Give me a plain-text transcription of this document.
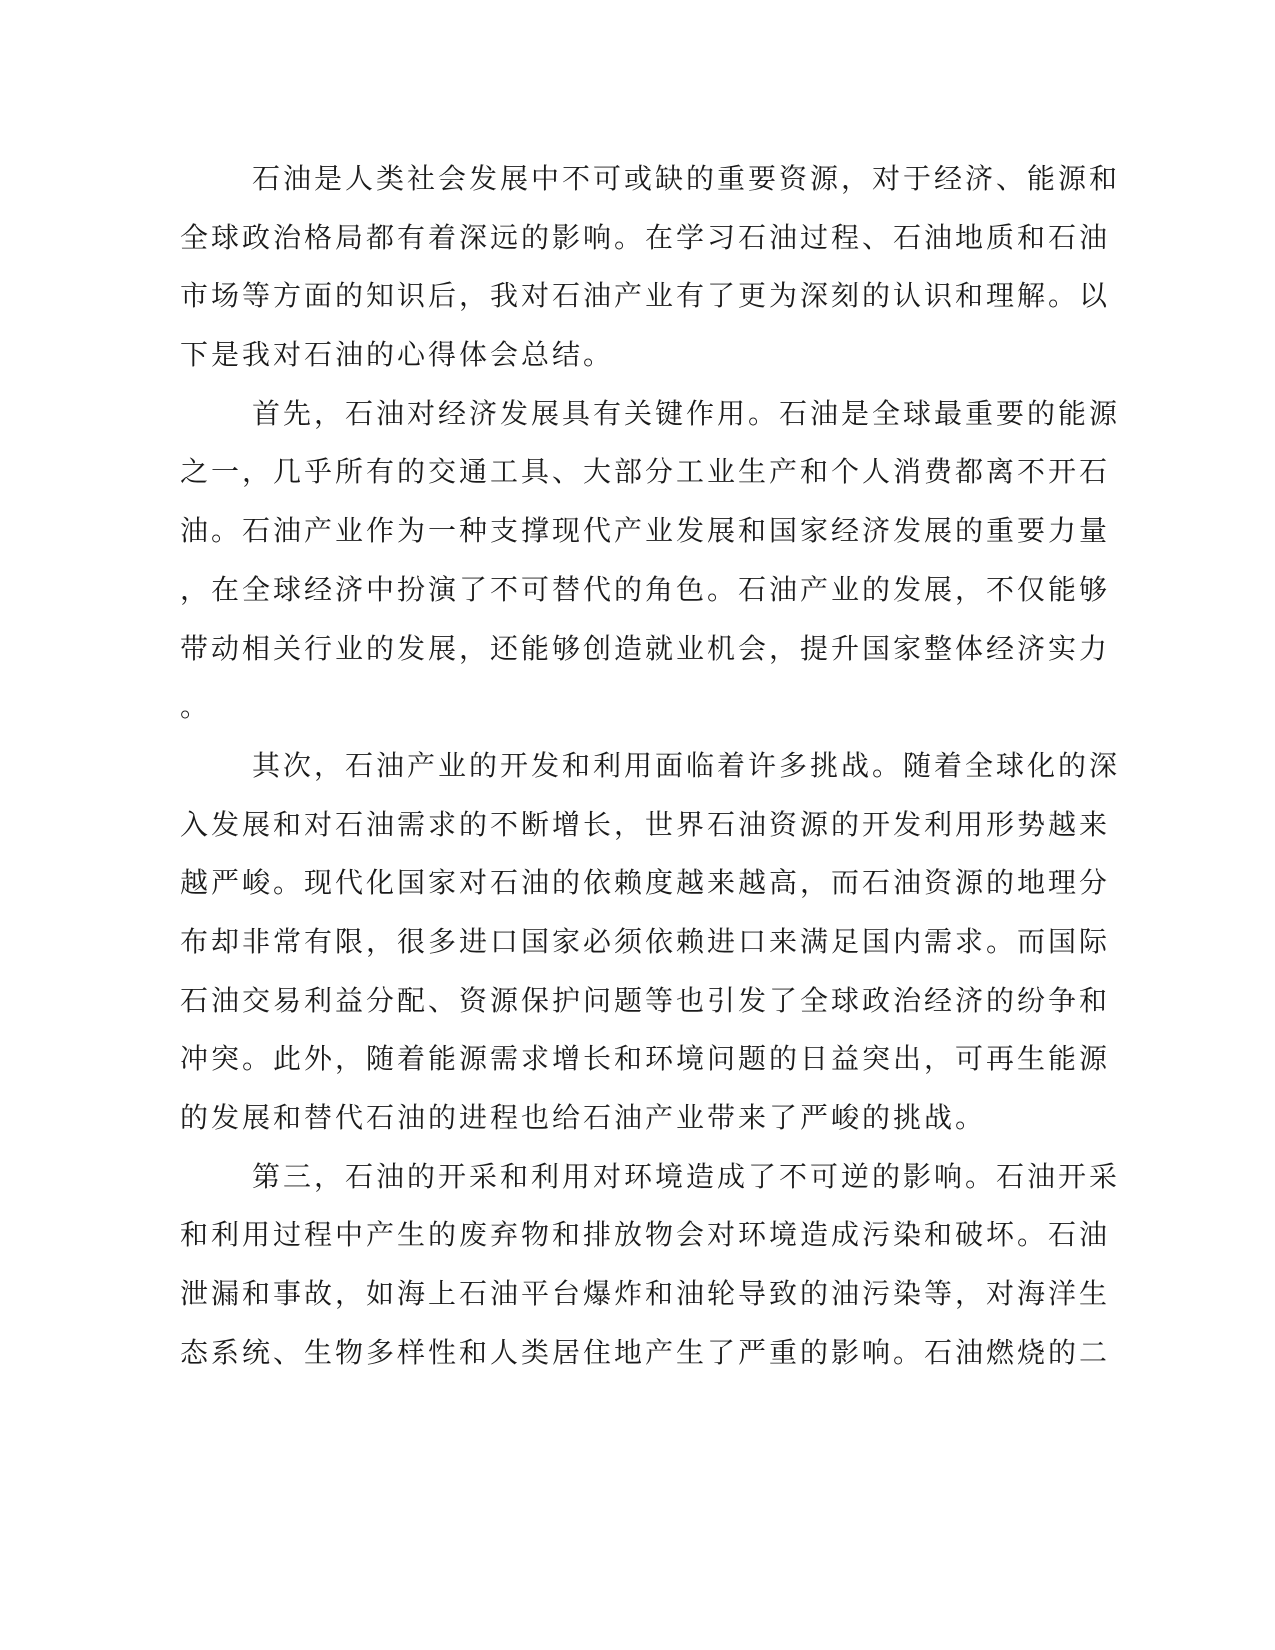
石油是人类社会发展中不可或缺的重要资源，对于经济、能源和
全球政治格局都有着深远的影响。在学习石油过程、石油地质和石油
市场等方面的知识后，我对石油产业有了更为深刻的认识和理解。以
下是我对石油的心得体会总结。
首先，石油对经济发展具有关键作用。石油是全球最重要的能源
之一，几乎所有的交通工具、大部分工业生产和个人消费都离不开石
油。石油产业作为一种支撑现代产业发展和国家经济发展的重要力量
，在全球经济中扮演了不可替代的角色。石油产业的发展，不仅能够
带动相关行业的发展，还能够创造就业机会，提升国家整体经济实力
。
其次，石油产业的开发和利用面临着许多挑战。随着全球化的深
入发展和对石油需求的不断增长，世界石油资源的开发利用形势越来
越严峻。现代化国家对石油的依赖度越来越高，而石油资源的地理分
布却非常有限，很多进口国家必须依赖进口来满足国内需求。而国际
石油交易利益分配、资源保护问题等也引发了全球政治经济的纷争和
冲突。此外，随着能源需求增长和环境问题的日益突出，可再生能源
的发展和替代石油的进程也给石油产业带来了严峻的挑战。
第三，石油的开采和利用对环境造成了不可逆的影响。石油开采
和利用过程中产生的废弃物和排放物会对环境造成污染和破坏。石油
泄漏和事故，如海上石油平台爆炸和油轮导致的油污染等，对海洋生
态系统、生物多样性和人类居住地产生了严重的影响。石油燃烧的二
